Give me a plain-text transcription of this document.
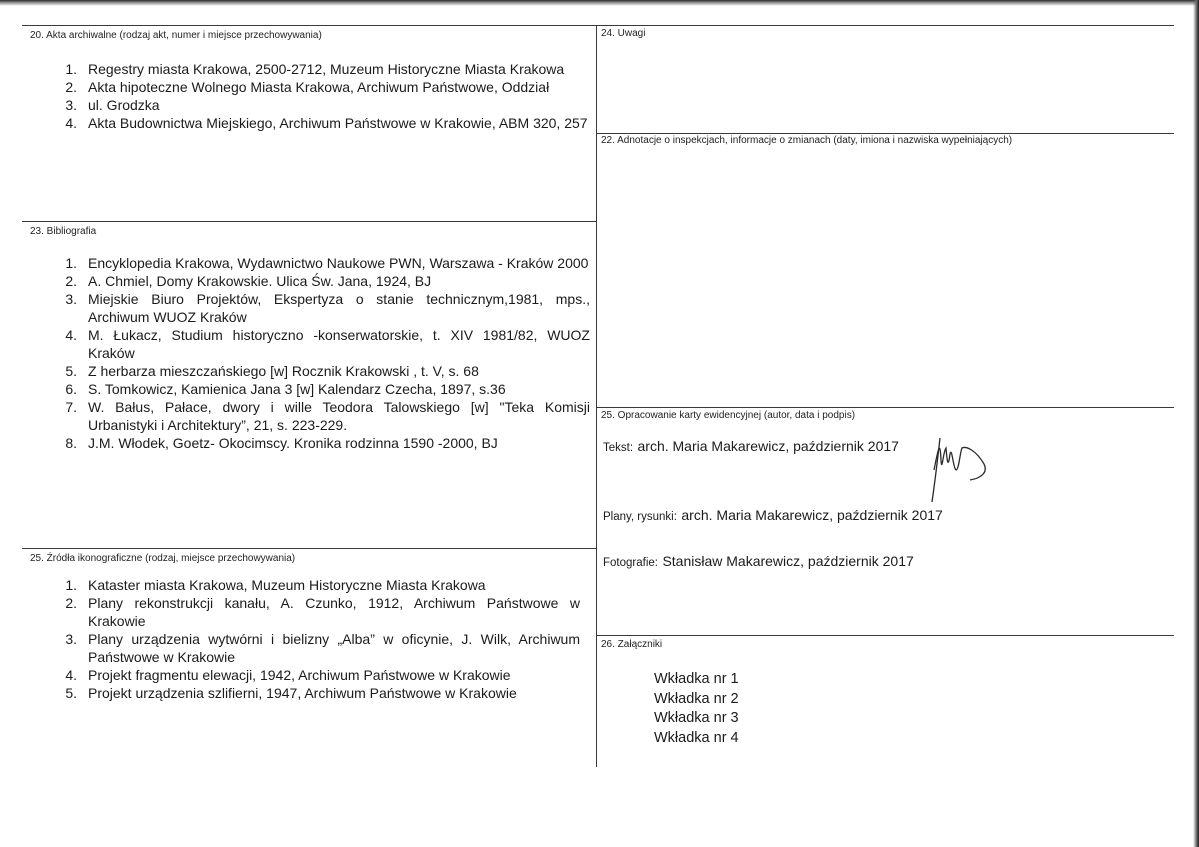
20. Akta archiwalne (rodzaj akt, numer i miejsce przechowywania)
1. Regestry miasta Krakowa, 2500-2712, Muzeum Historyczne Miasta Krakowa
2. Akta hipoteczne Wolnego Miasta Krakowa, Archiwum Państwowe, Oddział
3. ul. Grodzka
4. Akta Budownictwa Miejskiego, Archiwum Państwowe w Krakowie, ABM 320, 257
23. Bibliografia
1. Encyklopedia Krakowa, Wydawnictwo Naukowe PWN, Warszawa - Kraków 2000
2. A. Chmiel, Domy Krakowskie. Ulica Św. Jana, 1924, BJ
3. Miejskie Biuro Projektów, Ekspertyza o stanie technicznym,1981, mps., Archiwum WUOZ Kraków
4. M. Łukacz, Studium historyczno -konserwatorskie, t. XIV 1981/82, WUOZ Kraków
5. Z herbarza mieszczańskiego [w] Rocznik Krakowski , t. V, s. 68
6. S. Tomkowicz, Kamienica Jana 3 [w] Kalendarz Czecha, 1897, s.36
7. W. Bałus, Pałace, dwory i wille Teodora Talowskiego [w] "Teka Komisji Urbanistyki i Architektury”, 21, s. 223-229.
8. J.M. Włodek, Goetz- Okocimscy. Kronika rodzinna 1590 -2000, BJ
25. Źródła ikonograficzne (rodzaj, miejsce przechowywania)
1. Kataster miasta Krakowa, Muzeum Historyczne Miasta Krakowa
2. Plany rekonstrukcji kanału, A. Czunko, 1912, Archiwum Państwowe w Krakowie
3. Plany urządzenia wytwórni i bielizny „Alba” w oficynie, J. Wilk, Archiwum Państwowe w Krakowie
4. Projekt fragmentu elewacji, 1942, Archiwum Państwowe w Krakowie
5. Projekt urządzenia szlifierni, 1947, Archiwum Państwowe w Krakowie
24. Uwagi
22. Adnotacje o inspekcjach, informacje o zmianach (daty, imiona i nazwiska wypełniających)
25. Opracowanie karty ewidencyjnej (autor, data i podpis)
Tekst: arch. Maria Makarewicz, październik 2017
Plany, rysunki: arch. Maria Makarewicz, październik 2017
Fotografie: Stanisław Makarewicz, październik 2017
26. Załączniki
Wkładka nr 1
Wkładka nr 2
Wkładka nr 3
Wkładka nr 4
